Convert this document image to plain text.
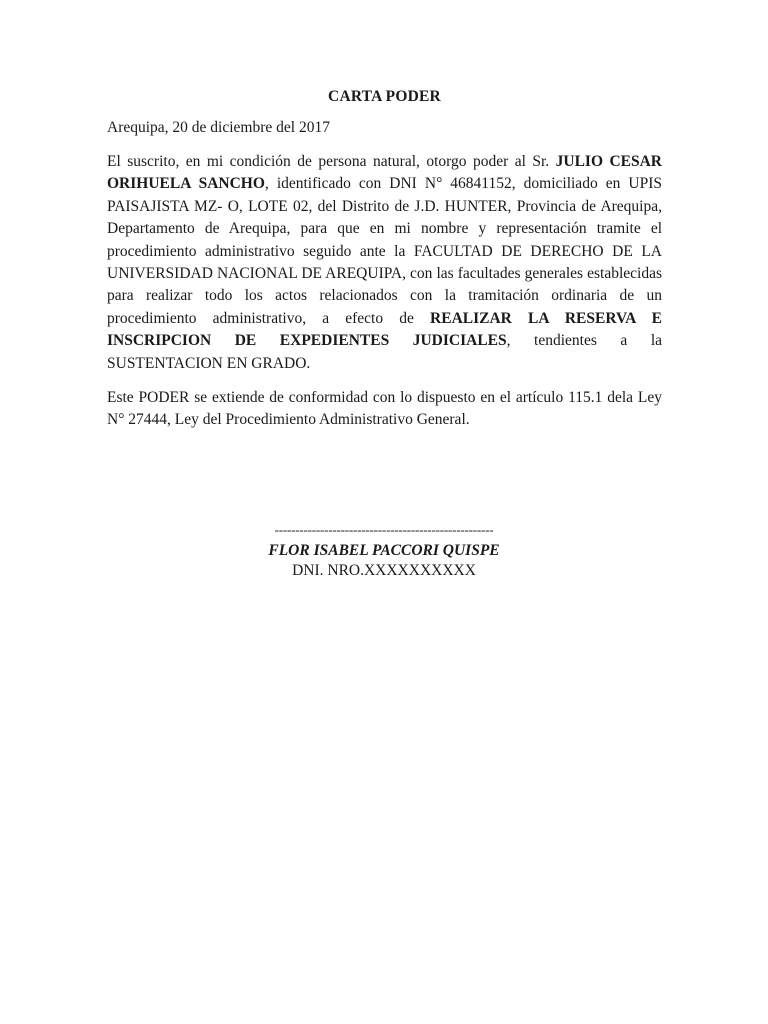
CARTA PODER

Arequipa, 20 de diciembre del 2017

El suscrito, en mi condición de persona natural, otorgo poder al Sr. JULIO CESAR ORIHUELA SANCHO, identificado con DNI N° 46841152, domiciliado en UPIS PAISAJISTA MZ- O, LOTE 02, del Distrito de J.D. HUNTER, Provincia de Arequipa, Departamento de Arequipa, para que en mi nombre y representación tramite el procedimiento administrativo seguido ante la FACULTAD DE DERECHO DE LA UNIVERSIDAD NACIONAL DE AREQUIPA, con las facultades generales establecidas para realizar todo los actos relacionados con la tramitación ordinaria de un procedimiento administrativo, a efecto de REALIZAR LA RESERVA E INSCRIPCION DE EXPEDIENTES JUDICIALES, tendientes a la SUSTENTACION EN GRADO.

Este PODER se extiende de conformidad con lo dispuesto en el artículo 115.1 dela Ley N° 27444, Ley del Procedimiento Administrativo General.

-----------------------------------------------------

FLOR ISABEL PACCORI QUISPE

DNI. NRO.XXXXXXXXXX
